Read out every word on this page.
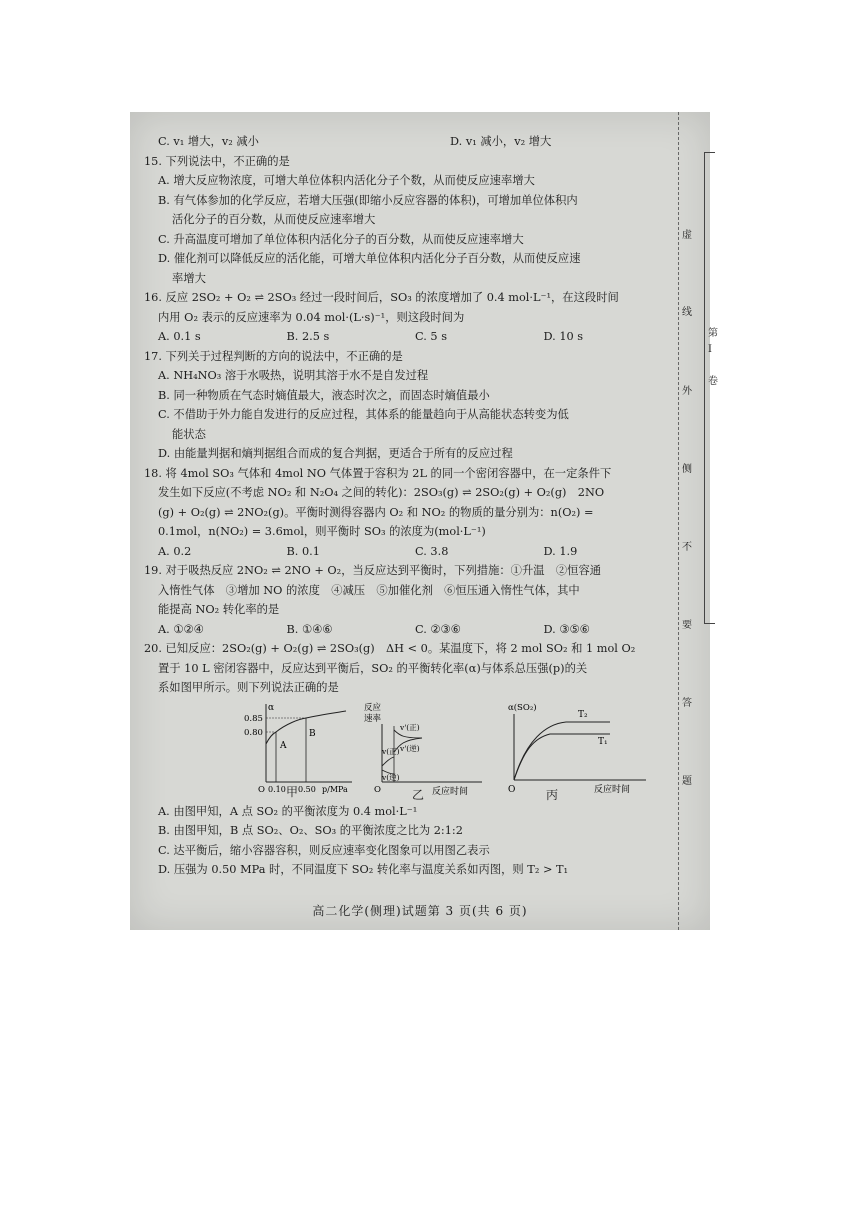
C. v₁ 增大，v₂ 减小	D. v₁ 减小，v₂ 增大
15. 下列说法中，不正确的是
A. 增大反应物浓度，可增大单位体积内活化分子个数，从而使反应速率增大
B. 有气体参加的化学反应，若增大压强(即缩小反应容器的体积)，可增加单位体积内
活化分子的百分数，从而使反应速率增大
C. 升高温度可增加了单位体积内活化分子的百分数，从而使反应速率增大
D. 催化剂可以降低反应的活化能，可增大单位体积内活化分子百分数，从而使反应速
率增大
16. 反应 2SO₂ + O₂ ⇌ 2SO₃ 经过一段时间后，SO₃ 的浓度增加了 0.4 mol·L⁻¹，在这段时间
内用 O₂ 表示的反应速率为 0.04 mol·(L·s)⁻¹，则这段时间为
A. 0.1 s	B. 2.5 s	C. 5 s	D. 10 s
17. 下列关于过程判断的方向的说法中，不正确的是
A. NH₄NO₃ 溶于水吸热，说明其溶于水不是自发过程
B. 同一种物质在气态时熵值最大，液态时次之，而固态时熵值最小
C. 不借助于外力能自发进行的反应过程，其体系的能量趋向于从高能状态转变为低
能状态
D. 由能量判据和熵判据组合而成的复合判据，更适合于所有的反应过程
18. 将 4mol SO₃ 气体和 4mol NO 气体置于容积为 2L 的同一个密闭容器中，在一定条件下
发生如下反应(不考虑 NO₂ 和 N₂O₄ 之间的转化)：2SO₃(g) ⇌ 2SO₂(g) + O₂(g)　2NO
(g) + O₂(g) ⇌ 2NO₂(g)。平衡时测得容器内 O₂ 和 NO₂ 的物质的量分别为：n(O₂) =
0.1mol，n(NO₂) = 3.6mol，则平衡时 SO₃ 的浓度为(mol·L⁻¹)
A. 0.2	B. 0.1	C. 3.8	D. 1.9
19. 对于吸热反应 2NO₂ ⇌ 2NO + O₂，当反应达到平衡时，下列措施：①升温　②恒容通
入惰性气体　③增加 NO 的浓度　④减压　⑤加催化剂　⑥恒压通入惰性气体，其中
能提高 NO₂ 转化率的是
A. ①②④	B. ①④⑥	C. ②③⑥	D. ③⑤⑥
20. 已知反应：2SO₂(g) + O₂(g) ⇌ 2SO₃(g)　ΔH < 0。某温度下，将 2 mol SO₂ 和 1 mol O₂
置于 10 L 密闭容器中，反应达到平衡后，SO₂ 的平衡转化率(α)与体系总压强(p)的关
系如图甲所示。则下列说法正确的是
α
0.85
0.80
A
B
O 0.10 0.50 p/MPa
甲
反应
速率
v(正)
v'(正)
v'(逆)
v(逆)
O	反应时间
乙
α(SO₂)
T₂
T₁
O	反应时间
丙
A. 由图甲知，A 点 SO₂ 的平衡浓度为 0.4 mol·L⁻¹
B. 由图甲知，B 点 SO₂、O₂、SO₃ 的平衡浓度之比为 2:1:2
C. 达平衡后，缩小容器容积，则反应速率变化图象可以用图乙表示
D. 压强为 0.50 MPa 时，不同温度下 SO₂ 转化率与温度关系如丙图，则 T₂ > T₁
虚
线
外
侧
不
要
答
题
第
I
卷
高二化学(侧理)试题第 3 页(共 6 页)
